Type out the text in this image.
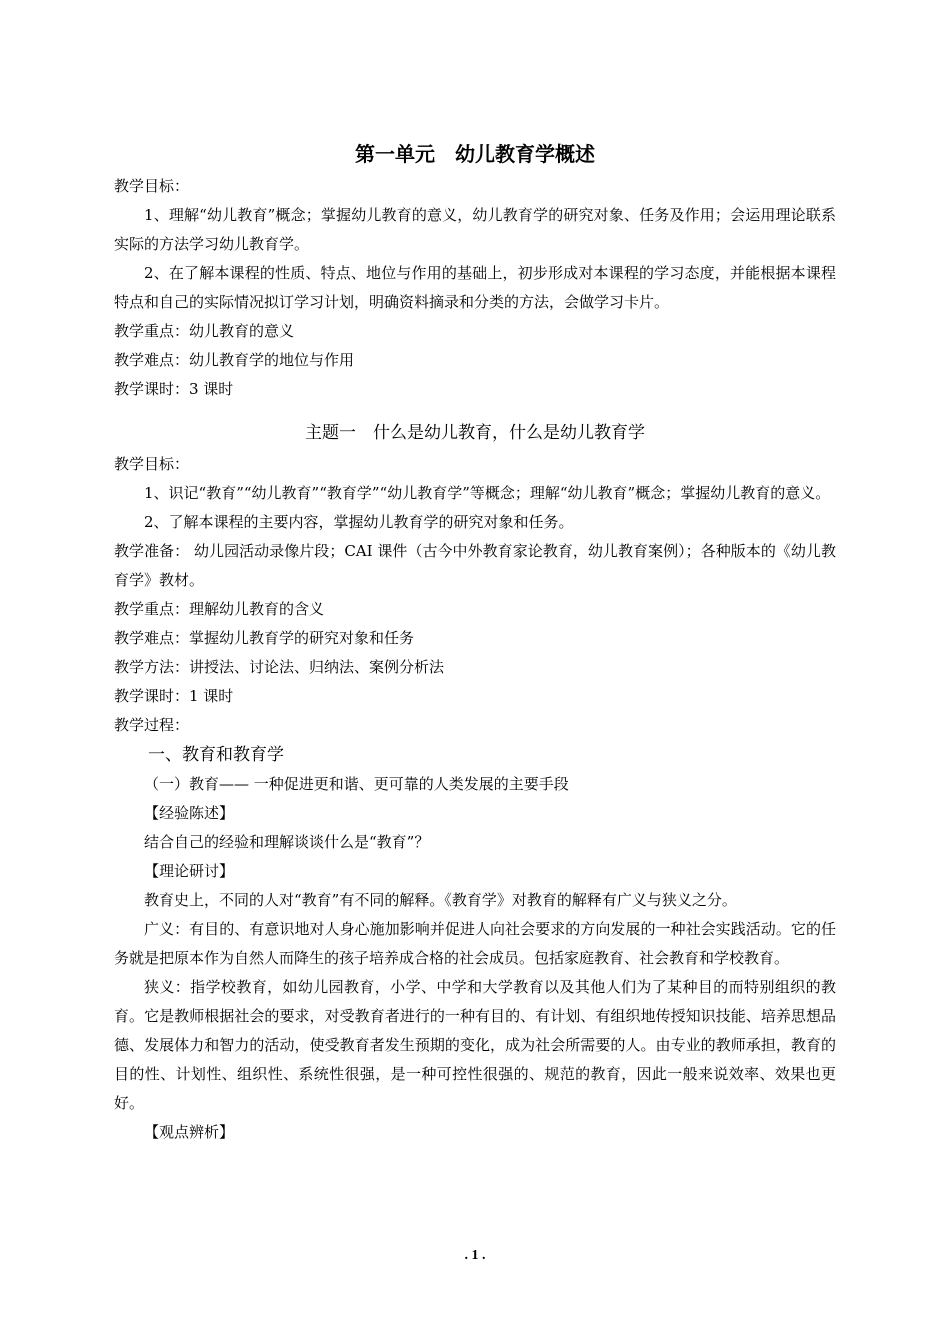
第一单元　幼儿教育学概述

教学目标：

1、理解“幼儿教育”概念；掌握幼儿教育的意义，幼儿教育学的研究对象、任务及作用；会运用理论联系实际的方法学习幼儿教育学。

2、在了解本课程的性质、特点、地位与作用的基础上，初步形成对本课程的学习态度，并能根据本课程特点和自己的实际情况拟订学习计划，明确资料摘录和分类的方法，会做学习卡片。

教学重点：幼儿教育的意义

教学难点：幼儿教育学的地位与作用

教学课时：3 课时

主题一　什么是幼儿教育，什么是幼儿教育学

教学目标：

1、识记“教育”“幼儿教育”“教育学”“幼儿教育学”等概念；理解“幼儿教育”概念；掌握幼儿教育的意义。

2、了解本课程的主要内容，掌握幼儿教育学的研究对象和任务。

教学准备： 幼儿园活动录像片段；CAI 课件（古今中外教育家论教育，幼儿教育案例）；各种版本的《幼儿教育学》教材。

教学重点：理解幼儿教育的含义

教学难点：掌握幼儿教育学的研究对象和任务

教学方法：讲授法、讨论法、归纳法、案例分析法

教学课时：1 课时

教学过程：

一、教育和教育学

（一）教育—— 一种促进更和谐、更可靠的人类发展的主要手段

【经验陈述】

结合自己的经验和理解谈谈什么是“教育”？

【理论研讨】

教育史上，不同的人对“教育”有不同的解释。《教育学》对教育的解释有广义与狭义之分。

广义：有目的、有意识地对人身心施加影响并促进人向社会要求的方向发展的一种社会实践活动。它的任务就是把原本作为自然人而降生的孩子培养成合格的社会成员。包括家庭教育、社会教育和学校教育。

狭义：指学校教育，如幼儿园教育，小学、中学和大学教育以及其他人们为了某种目的而特别组织的教育。它是教师根据社会的要求，对受教育者进行的一种有目的、有计划、有组织地传授知识技能、培养思想品德、发展体力和智力的活动，使受教育者发生预期的变化，成为社会所需要的人。由专业的教师承担，教育的目的性、计划性、组织性、系统性很强，是一种可控性很强的、规范的教育，因此一般来说效率、效果也更好。

【观点辨析】

. 1 .
